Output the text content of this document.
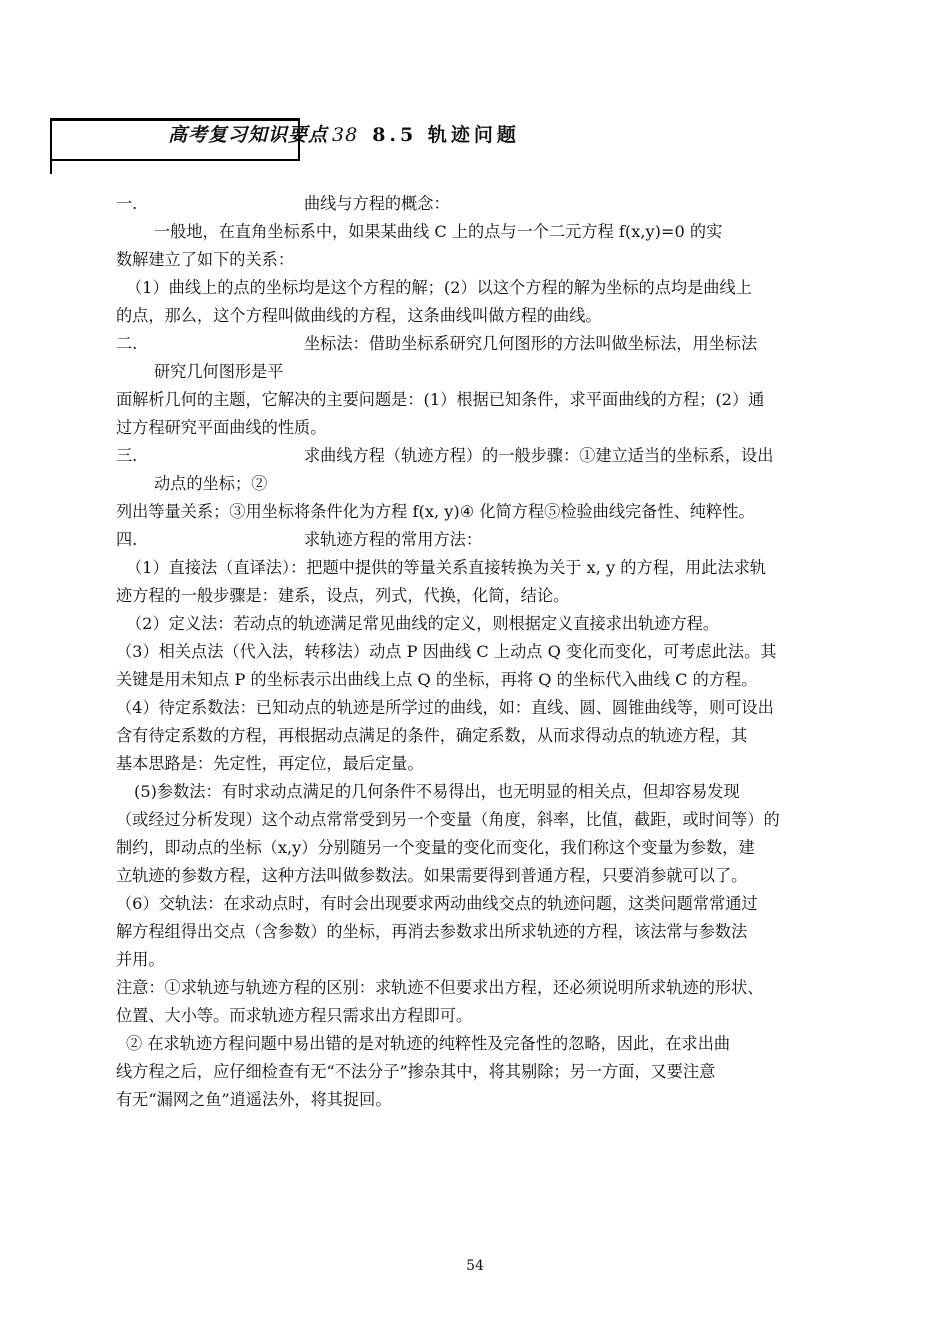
高考复习知识要点 38 8.5 轨迹问题
一.	曲线与方程的概念：
一般地，在直角坐标系中，如果某曲线 C 上的点与一个二元方程 f(x,y)=0 的实
数解建立了如下的关系：
（1）曲线上的点的坐标均是这个方程的解；(2）以这个方程的解为坐标的点均是曲线上
的点，那么，这个方程叫做曲线的方程，这条曲线叫做方程的曲线。
二.	坐标法：借助坐标系研究几何图形的方法叫做坐标法，用坐标法
研究几何图形是平
面解析几何的主题，它解决的主要问题是：(1）根据已知条件，求平面曲线的方程；(2）通
过方程研究平面曲线的性质。
三.	求曲线方程（轨迹方程）的一般步骤：①建立适当的坐标系，设出
动点的坐标；②
列出等量关系；③用坐标将条件化为方程 f(x, y)④ 化简方程⑤检验曲线完备性、纯粹性。
四.	求轨迹方程的常用方法：
（1）直接法（直译法）：把题中提供的等量关系直接转换为关于 x, y 的方程，用此法求轨
迹方程的一般步骤是：建系，设点，列式，代换，化简，结论。
（2）定义法：若动点的轨迹满足常见曲线的定义，则根据定义直接求出轨迹方程。
（3）相关点法（代入法，转移法）动点 P 因曲线 C 上动点 Q 变化而变化，可考虑此法。其
关键是用未知点 P 的坐标表示出曲线上点 Q 的坐标，再将 Q 的坐标代入曲线 C 的方程。
（4）待定系数法：已知动点的轨迹是所学过的曲线，如：直线、圆、圆锥曲线等，则可设出
含有待定系数的方程，再根据动点满足的条件，确定系数，从而求得动点的轨迹方程，其
基本思路是：先定性，再定位，最后定量。
(5)参数法：有时求动点满足的几何条件不易得出，也无明显的相关点，但却容易发现
（或经过分析发现）这个动点常常受到另一个变量（角度，斜率，比值，截距，或时间等）的
制约，即动点的坐标（x,y）分别随另一个变量的变化而变化，我们称这个变量为参数，建
立轨迹的参数方程，这种方法叫做参数法。如果需要得到普通方程，只要消参就可以了。
（6）交轨法：在求动点时，有时会出现要求两动曲线交点的轨迹问题，这类问题常常通过
解方程组得出交点（含参数）的坐标，再消去参数求出所求轨迹的方程，该法常与参数法
并用。
注意：①求轨迹与轨迹方程的区别：求轨迹不但要求出方程，还必须说明所求轨迹的形状、
位置、大小等。而求轨迹方程只需求出方程即可。
② 在求轨迹方程问题中易出错的是对轨迹的纯粹性及完备性的忽略，因此，在求出曲
线方程之后，应仔细检查有无“不法分子”掺杂其中，将其剔除；另一方面，又要注意
有无“漏网之鱼”逍遥法外，将其捉回。
54
